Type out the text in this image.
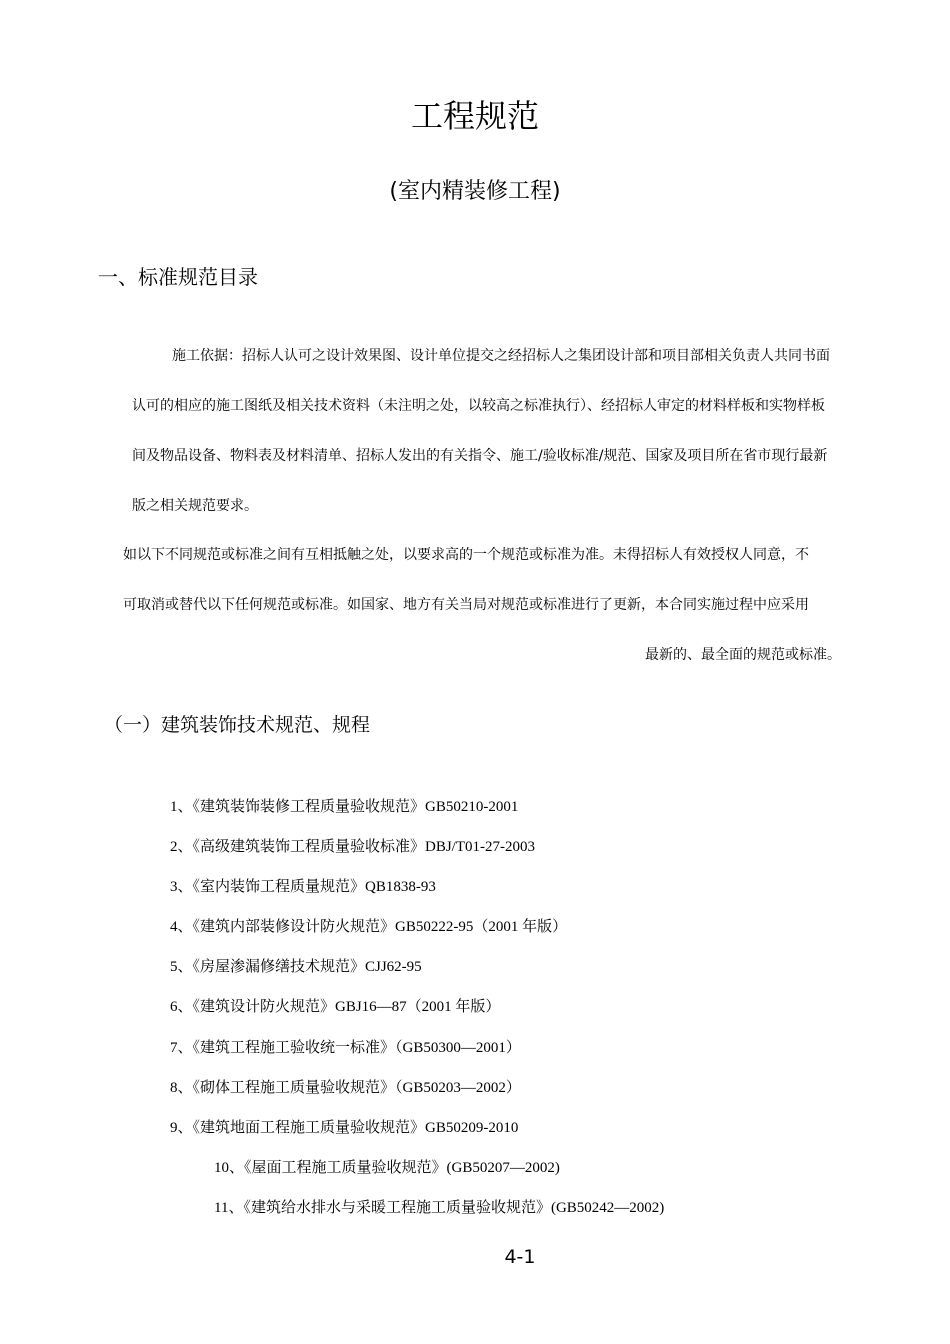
工程规范
(室内精装修工程)
一、标准规范目录
施工依据：招标人认可之设计效果图、设计单位提交之经招标人之集团设计部和项目部相关负责人共同书面
认可的相应的施工图纸及相关技术资料（未注明之处，以较高之标准执行）、经招标人审定的材料样板和实物样板
间及物品设备、物料表及材料清单、招标人发出的有关指令、施工/验收标准/规范、国家及项目所在省市现行最新
版之相关规范要求。
如以下不同规范或标准之间有互相抵触之处，以要求高的一个规范或标准为准。未得招标人有效授权人同意，不
可取消或替代以下任何规范或标准。如国家、地方有关当局对规范或标准进行了更新，本合同实施过程中应采用
最新的、最全面的规范或标准。
（一）建筑装饰技术规范、规程
1、《建筑装饰装修工程质量验收规范》GB50210-2001
2、《高级建筑装饰工程质量验收标准》DBJ/T01-27-2003
3、《室内装饰工程质量规范》QB1838-93
4、《建筑内部装修设计防火规范》GB50222-95（2001 年版）
5、《房屋渗漏修缮技术规范》CJJ62-95
6、《建筑设计防火规范》GBJ16—87（2001 年版）
7、《建筑工程施工验收统一标准》（GB50300—2001）
8、《砌体工程施工质量验收规范》（GB50203—2002）
9、《建筑地面工程施工质量验收规范》GB50209-2010
10、《屋面工程施工质量验收规范》(GB50207—2002)
11、《建筑给水排水与采暖工程施工质量验收规范》(GB50242—2002)
4-1
